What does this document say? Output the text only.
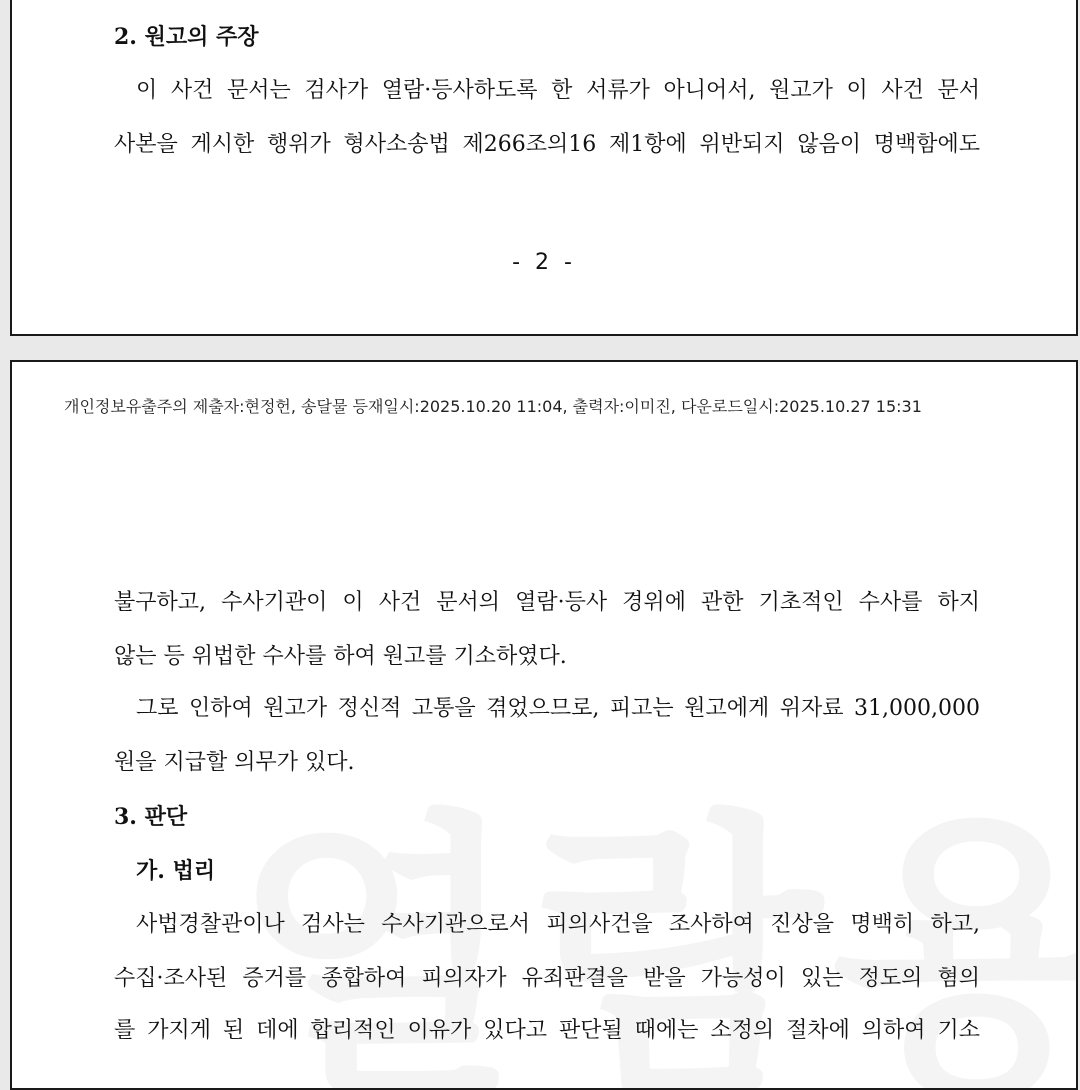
2. 원고의 주장
이 사건 문서는 검사가 열람·등사하도록 한 서류가 아니어서, 원고가 이 사건 문서
사본을 게시한 행위가 형사소송법 제266조의16 제1항에 위반되지 않음이 명백함에도
- 2 -
개인정보유출주의 제출자:현정헌, 송달물 등재일시:2025.10.20 11:04, 출력자:이미진, 다운로드일시:2025.10.27 15:31
불구하고, 수사기관이 이 사건 문서의 열람·등사 경위에 관한 기초적인 수사를 하지
않는 등 위법한 수사를 하여 원고를 기소하였다.
그로 인하여 원고가 정신적 고통을 겪었으므로, 피고는 원고에게 위자료 31,000,000
원을 지급할 의무가 있다.
3. 판단
가. 법리
사법경찰관이나 검사는 수사기관으로서 피의사건을 조사하여 진상을 명백히 하고,
수집·조사된 증거를 종합하여 피의자가 유죄판결을 받을 가능성이 있는 정도의 혐의
를 가지게 된 데에 합리적인 이유가 있다고 판단될 때에는 소정의 절차에 의하여 기소
